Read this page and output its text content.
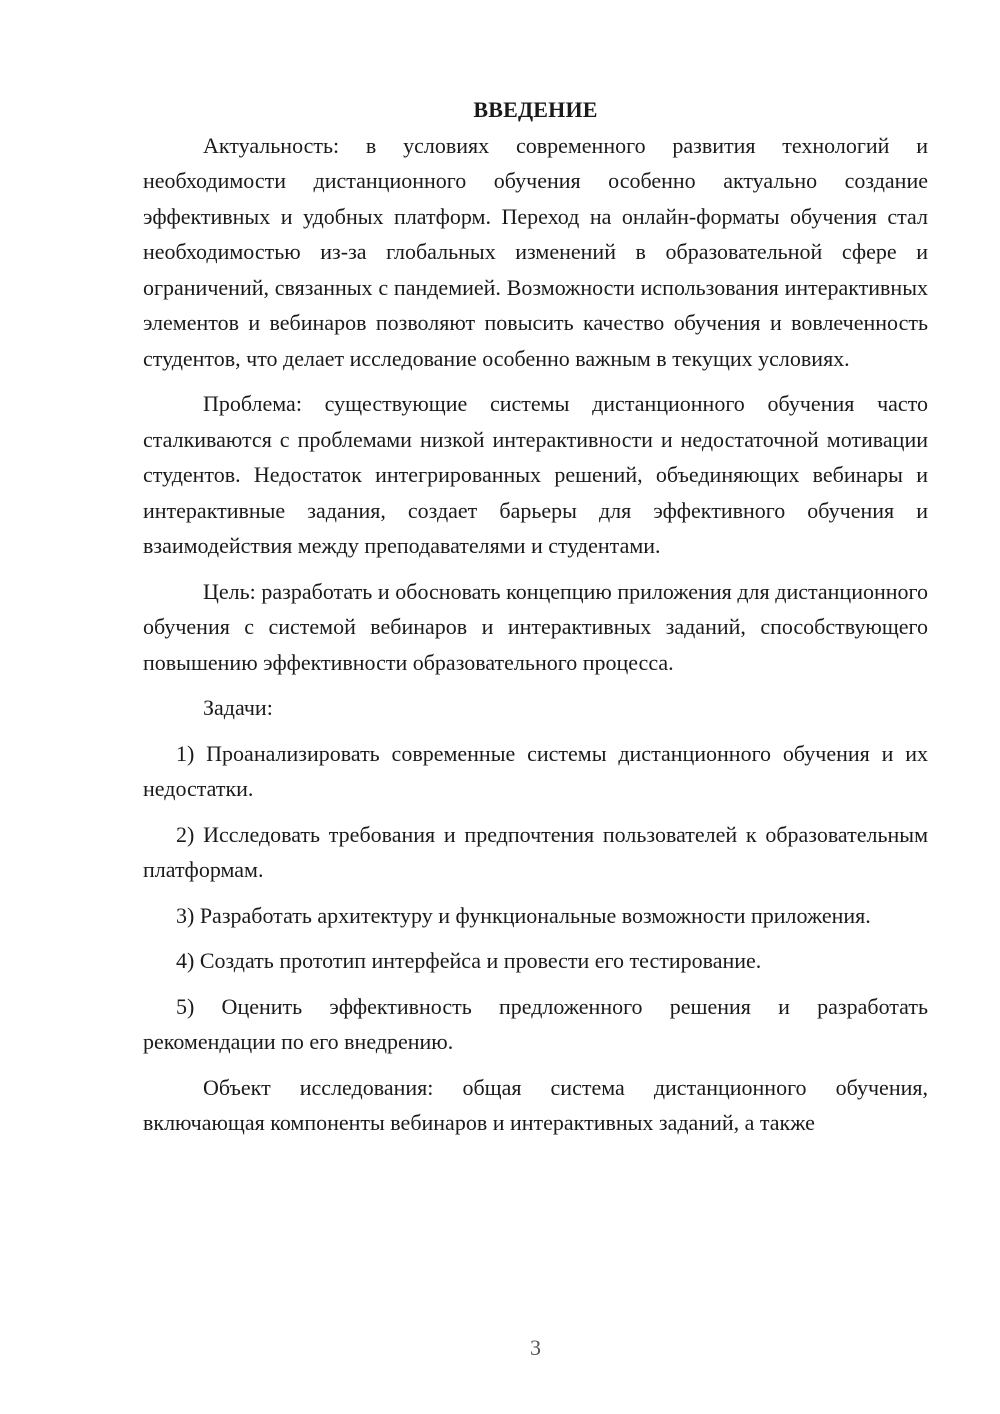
ВВЕДЕНИЕ

Актуальность: в условиях современного развития технологий и необходимости дистанционного обучения особенно актуально создание эффективных и удобных платформ. Переход на онлайн-форматы обучения стал необходимостью из-за глобальных изменений в образовательной сфере и ограничений, связанных с пандемией. Возможности использования интерактивных элементов и вебинаров позволяют повысить качество обучения и вовлеченность студентов, что делает исследование особенно важным в текущих условиях.

Проблема: существующие системы дистанционного обучения часто сталкиваются с проблемами низкой интерактивности и недостаточной мотивации студентов. Недостаток интегрированных решений, объединяющих вебинары и интерактивные задания, создает барьеры для эффективного обучения и взаимодействия между преподавателями и студентами.

Цель: разработать и обосновать концепцию приложения для дистанционного обучения с системой вебинаров и интерактивных заданий, способствующего повышению эффективности образовательного процесса.

Задачи:

1) Проанализировать современные системы дистанционного обучения и их недостатки.

2) Исследовать требования и предпочтения пользователей к образовательным платформам.

3) Разработать архитектуру и функциональные возможности приложения.

4) Создать прототип интерфейса и провести его тестирование.

5) Оценить эффективность предложенного решения и разработать рекомендации по его внедрению.

Объект исследования: общая система дистанционного обучения, включающая компоненты вебинаров и интерактивных заданий, а также

3
